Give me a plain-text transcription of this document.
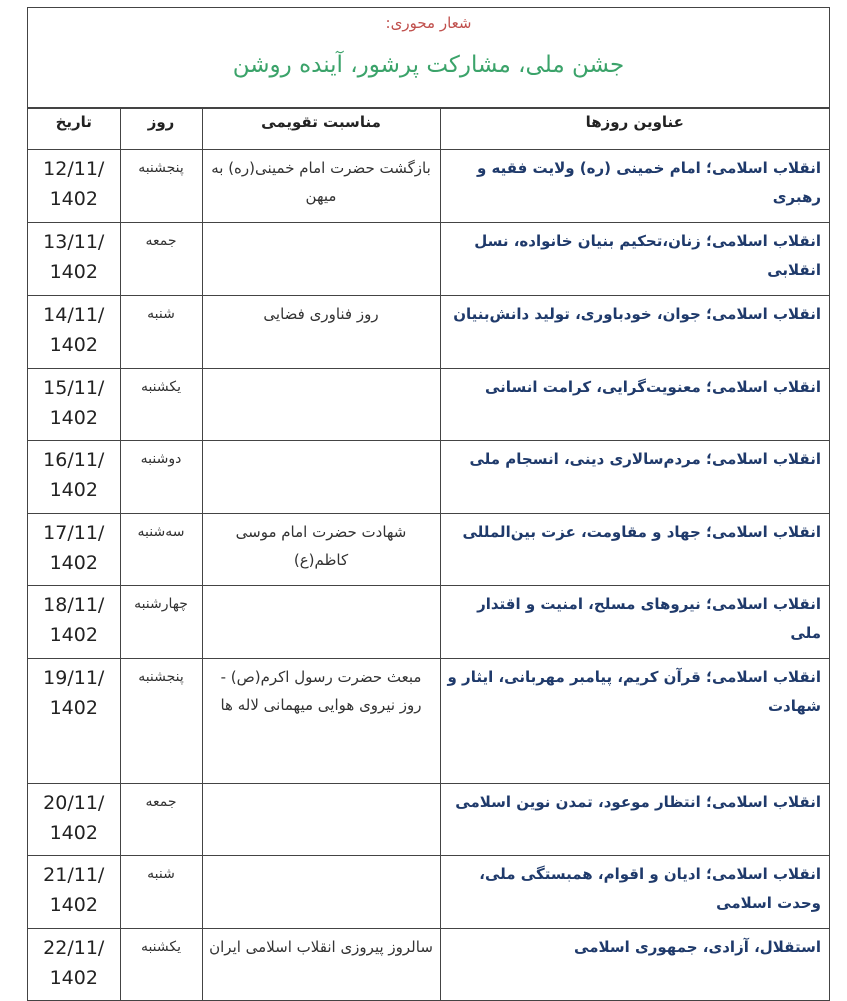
شعار محوری:
جشن ملی، مشارکت پرشور، آینده روشن
عناوین روزها	مناسبت تقویمی	روز	تاریخ
انقلاب اسلامی؛ امام خمینی (ره) ولایت فقیه و رهبری	بازگشت حضرت امام خمینی(ره) به میهن	پنجشنبه	12/11/ 1402
انقلاب اسلامی؛ زنان،تحکیم بنیان خانواده، نسل انقلابی		جمعه	13/11/ 1402
انقلاب اسلامی؛ جوان، خودباوری، تولید دانش‌بنیان	روز فناوری فضایی	شنبه	14/11/ 1402
انقلاب اسلامی؛ معنویت‌گرایی، کرامت انسانی		یکشنبه	15/11/ 1402
انقلاب اسلامی؛ مردم‌سالاری دینی، انسجام ملی		دوشنبه	16/11/ 1402
انقلاب اسلامی؛ جهاد و مقاومت، عزت بین‌المللی	شهادت حضرت امام موسی کاظم(ع)	سه‌شنبه	17/11/ 1402
انقلاب اسلامی؛ نیروهای مسلح، امنیت و اقتدار ملی		چهارشنبه	18/11/ 1402
انقلاب اسلامی؛ قرآن کریم، پیامبر مهربانی، ایثار و شهادت	مبعث حضرت رسول اکرم(ص) - روز نیروی هوایی میهمانی لاله ها	پنجشنبه	19/11/ 1402
انقلاب اسلامی؛ انتظار موعود، تمدن نوین اسلامی		جمعه	20/11/ 1402
انقلاب اسلامی؛ ادیان و اقوام، همبستگی ملی، وحدت اسلامی		شنبه	21/11/ 1402
استقلال، آزادی، جمهوری اسلامی	سالروز پیروزی انقلاب اسلامی ایران	یکشنبه	22/11/ 1402
